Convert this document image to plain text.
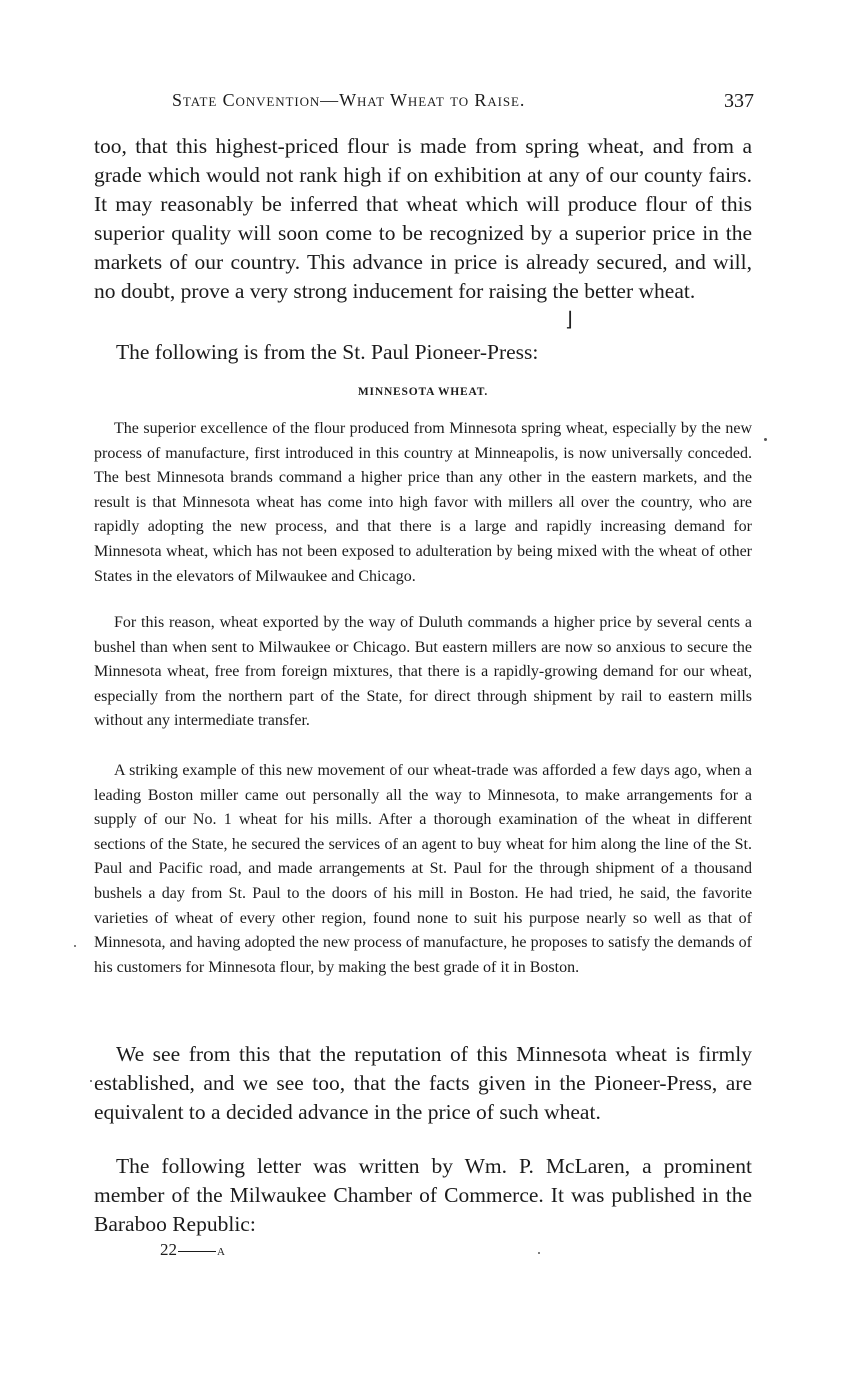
State Convention—What Wheat to Raise.	337

too, that this highest-priced flour is made from spring wheat, and from a grade which would not rank high if on exhibition at any of our county fairs. It may reasonably be inferred that wheat which will produce flour of this superior quality will soon come to be recognized by a superior price in the markets of our country. This advance in price is already secured, and will, no doubt, prove a very strong inducement for raising the better wheat.

⌋

The following is from the St. Paul Pioneer-Press:

MINNESOTA WHEAT.

The superior excellence of the flour produced from Minnesota spring wheat, especially by the new process of manufacture, first introduced in this country at Minneapolis, is now universally conceded. The best Minnesota brands command a higher price than any other in the eastern markets, and the result is that Minnesota wheat has come into high favor with millers all over the country, who are rapidly adopting the new process, and that there is a large and rapidly increasing demand for Minnesota wheat, which has not been exposed to adulteration by being mixed with the wheat of other States in the elevators of Milwaukee and Chicago.

For this reason, wheat exported by the way of Duluth commands a higher price by several cents a bushel than when sent to Milwaukee or Chicago. But eastern millers are now so anxious to secure the Minnesota wheat, free from foreign mixtures, that there is a rapidly-growing demand for our wheat, especially from the northern part of the State, for direct through shipment by rail to eastern mills without any intermediate transfer.

A striking example of this new movement of our wheat-trade was afforded a few days ago, when a leading Boston miller came out personally all the way to Minnesota, to make arrangements for a supply of our No. 1 wheat for his mills. After a thorough examination of the wheat in different sections of the State, he secured the services of an agent to buy wheat for him along the line of the St. Paul and Pacific road, and made arrangements at St. Paul for the through shipment of a thousand bushels a day from St. Paul to the doors of his mill in Boston. He had tried, he said, the favorite varieties of wheat of every other region, found none to suit his purpose nearly so well as that of Minnesota, and having adopted the new process of manufacture, he proposes to satisfy the demands of his customers for Minnesota flour, by making the best grade of it in Boston.

We see from this that the reputation of this Minnesota wheat is firmly established, and we see too, that the facts given in the Pioneer-Press, are equivalent to a decided advance in the price of such wheat.

The following letter was written by Wm. P. McLaren, a prominent member of the Milwaukee Chamber of Commerce. It was published in the Baraboo Republic:

22	A
